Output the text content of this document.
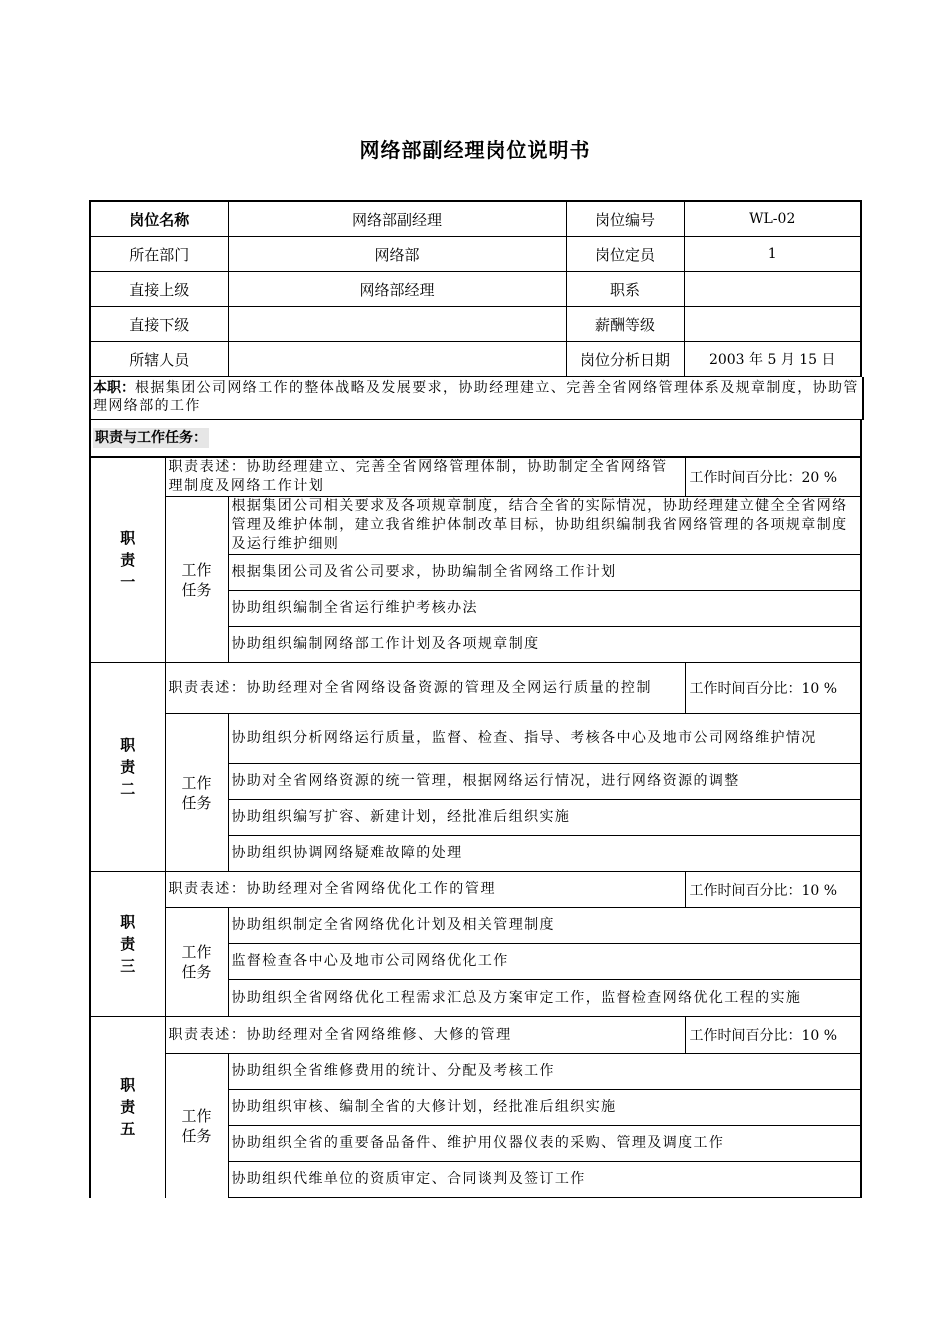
网络部副经理岗位说明书
岗位名称	网络部副经理	岗位编号	WL-02
所在部门	网络部	岗位定员	1
直接上级	网络部经理	职系	
直接下级		薪酬等级	
所辖人员		岗位分析日期	2003 年 5 月 15 日
本职：根据集团公司网络工作的整体战略及发展要求，协助经理建立、完善全省网络管理体系及规章制度，协助管理网络部的工作
职责与工作任务：
职责一	职责表述：协助经理建立、完善全省网络管理体制，协助制定全省网络管理制度及网络工作计划		工作时间百分比：20 %
	工作任务	根据集团公司相关要求及各项规章制度，结合全省的实际情况，协助经理建立健全全省网络管理及维护体制，建立我省维护体制改革目标，协助组织编制我省网络管理的各项规章制度及运行维护细则	
		根据集团公司及省公司要求，协助编制全省网络工作计划	
		协助组织编制全省运行维护考核办法	
		协助组织编制网络部工作计划及各项规章制度	
职责二	职责表述：协助经理对全省网络设备资源的管理及全网运行质量的控制		工作时间百分比：10 %
	工作任务	协助组织分析网络运行质量，监督、检查、指导、考核各中心及地市公司网络维护情况	
		协助对全省网络资源的统一管理，根据网络运行情况，进行网络资源的调整	
		协助组织编写扩容、新建计划，经批准后组织实施	
		协助组织协调网络疑难故障的处理	
职责三	职责表述：协助经理对全省网络优化工作的管理		工作时间百分比：10 %
	工作任务	协助组织制定全省网络优化计划及相关管理制度	
		监督检查各中心及地市公司网络优化工作	
		协助组织全省网络优化工程需求汇总及方案审定工作，监督检查网络优化工程的实施	
职责五	职责表述：协助经理对全省网络维修、大修的管理		工作时间百分比：10 %
	工作任务	协助组织全省维修费用的统计、分配及考核工作	
		协助组织审核、编制全省的大修计划，经批准后组织实施	
		协助组织全省的重要备品备件、维护用仪器仪表的采购、管理及调度工作	
		协助组织代维单位的资质审定、合同谈判及签订工作	
